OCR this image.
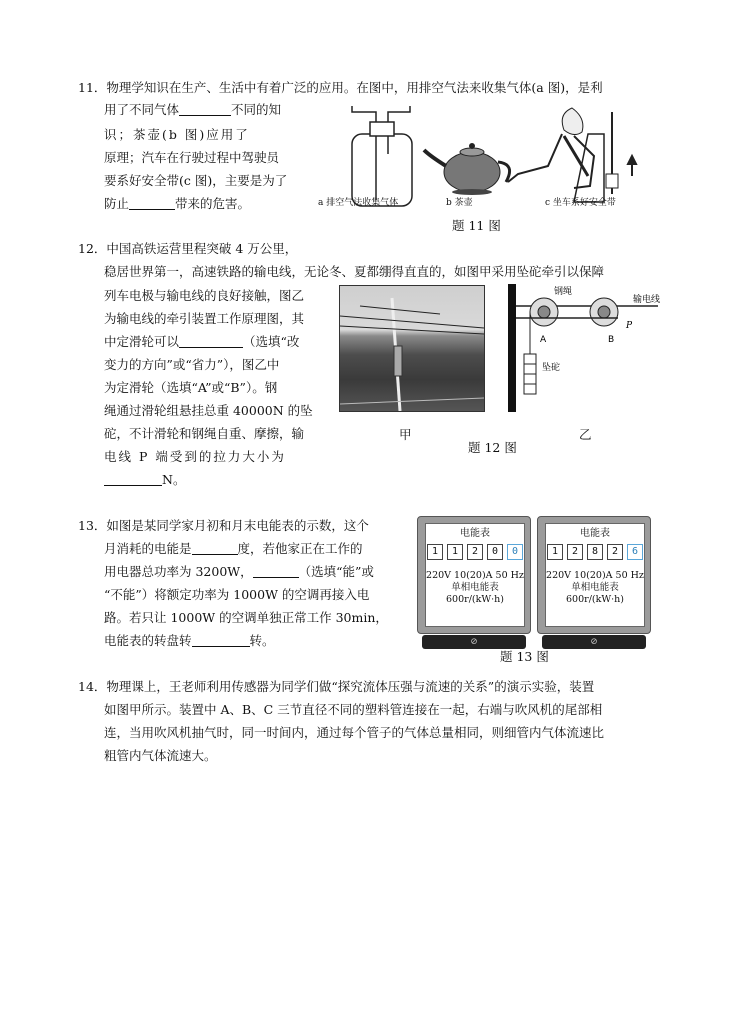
11．物理学知识在生产、生活中有着广泛的应用。在图中，用排空气法来收集气体(a 图)，是利
用了不同气体	不同的知
识；茶壶(b 图)应用了
原理；汽车在行驶过程中驾驶员
要系好安全带(c 图)，主要是为了
防止	带来的危害。	a 排空气法收集气体	b 茶壶	c 坐车系好安全带
题 11 图
12．中国高铁运营里程突破 4 万公里，
稳居世界第一，高速铁路的输电线，无论冬、夏都绷得直直的，如图甲采用坠砣牵引以保障
列车电极与输电线的良好接触，图乙
为输电线的牵引装置工作原理图，其
中定滑轮可以	（选填“改
变力的方向”或“省力”），图乙中
为定滑轮（选填“A”或“B”）。钢
绳通过滑轮组悬挂总重 40000N 的坠
砣，不计滑轮和钢绳自重、摩擦，输
电线 P 端受到的拉力大小为
N。
甲
钢绳
输电线
A	B
P
坠砣
乙
题 12 图
13．如图是某同学家月初和月末电能表的示数，这个
月消耗的电能是	度，若他家正在工作的
用电器总功率为 3200W，	（选填“能”或
“不能”）将额定功率为 1000W 的空调再接入电
路。若只让 1000W 的空调单独正常工作 30min，
电能表的转盘转	转。
电能表
1	1	2	0	0
220V 10(20)A 50 Hz
单相电能表
600r/(kW·h)
⊘
电能表
1	2	8	2	6
220V 10(20)A 50 Hz
单相电能表
600r/(kW·h)
⊘
题 13 图
14．物理课上，王老师利用传感器为同学们做“探究流体压强与流速的关系”的演示实验，装置
如图甲所示。装置中 A、B、C 三节直径不同的塑料管连接在一起，右端与吹风机的尾部相
连，当用吹风机抽气时，同一时间内，通过每个管子的气体总量相同，则细管内气体流速比
粗管内气体流速大。
